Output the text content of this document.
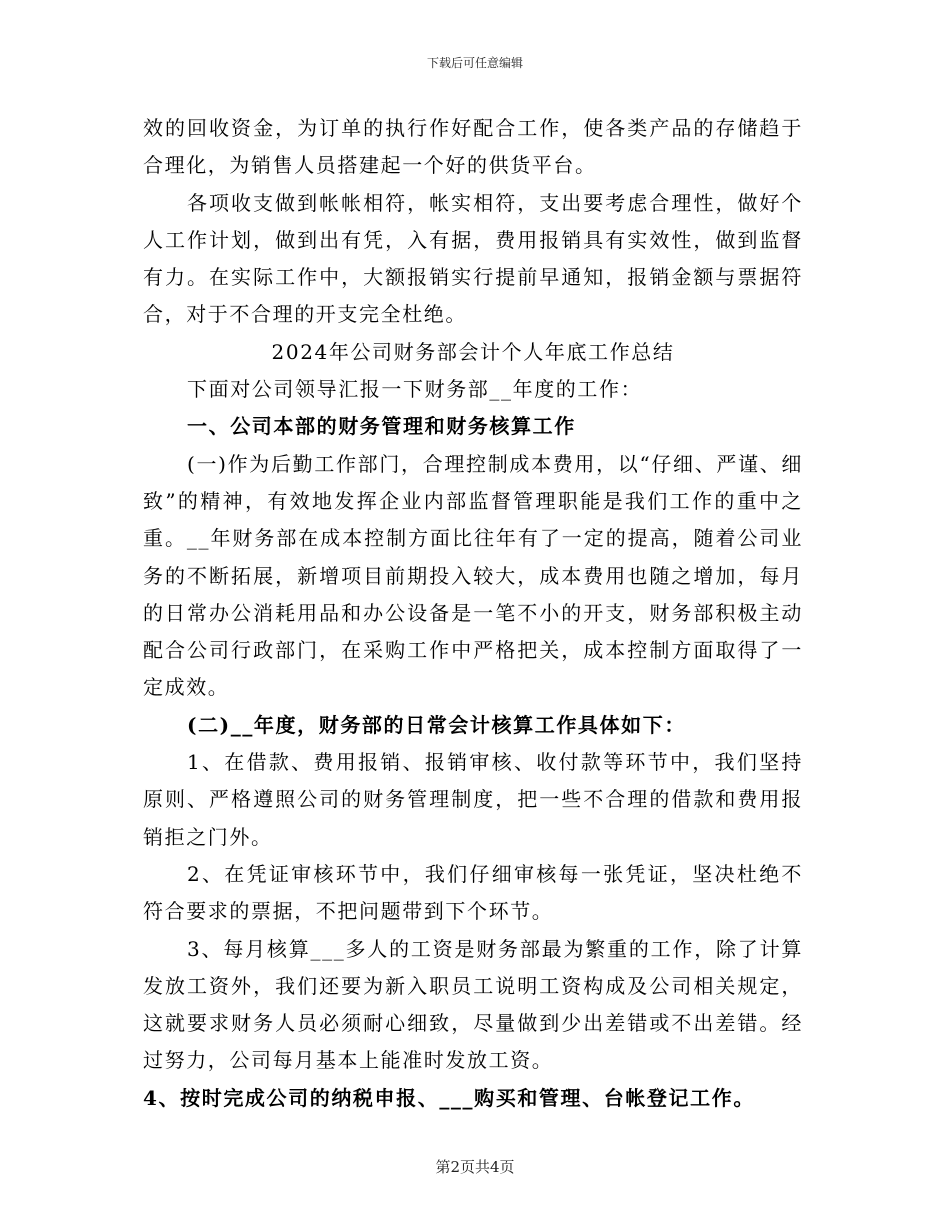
下载后可任意编辑

效的回收资金，为订单的执行作好配合工作，使各类产品的存储趋于合理化，为销售人员搭建起一个好的供货平台。

各项收支做到帐帐相符，帐实相符，支出要考虑合理性，做好个人工作计划，做到出有凭，入有据，费用报销具有实效性，做到监督有力。在实际工作中，大额报销实行提前早通知，报销金额与票据符合，对于不合理的开支完全杜绝。

2024年公司财务部会计个人年底工作总结

下面对公司领导汇报一下财务部__年度的工作：

一、公司本部的财务管理和财务核算工作

(一)作为后勤工作部门，合理控制成本费用，以“仔细、严谨、细致”的精神，有效地发挥企业内部监督管理职能是我们工作的重中之重。__年财务部在成本控制方面比往年有了一定的提高，随着公司业务的不断拓展，新增项目前期投入较大，成本费用也随之增加，每月的日常办公消耗用品和办公设备是一笔不小的开支，财务部积极主动配合公司行政部门，在采购工作中严格把关，成本控制方面取得了一定成效。

(二)__年度，财务部的日常会计核算工作具体如下：

1、在借款、费用报销、报销审核、收付款等环节中，我们坚持原则、严格遵照公司的财务管理制度，把一些不合理的借款和费用报销拒之门外。

2、在凭证审核环节中，我们仔细审核每一张凭证，坚决杜绝不符合要求的票据，不把问题带到下个环节。

3、每月核算___多人的工资是财务部最为繁重的工作，除了计算发放工资外，我们还要为新入职员工说明工资构成及公司相关规定，这就要求财务人员必须耐心细致，尽量做到少出差错或不出差错。经过努力，公司每月基本上能准时发放工资。

4、按时完成公司的纳税申报、___购买和管理、台帐登记工作。

第2页共4页
